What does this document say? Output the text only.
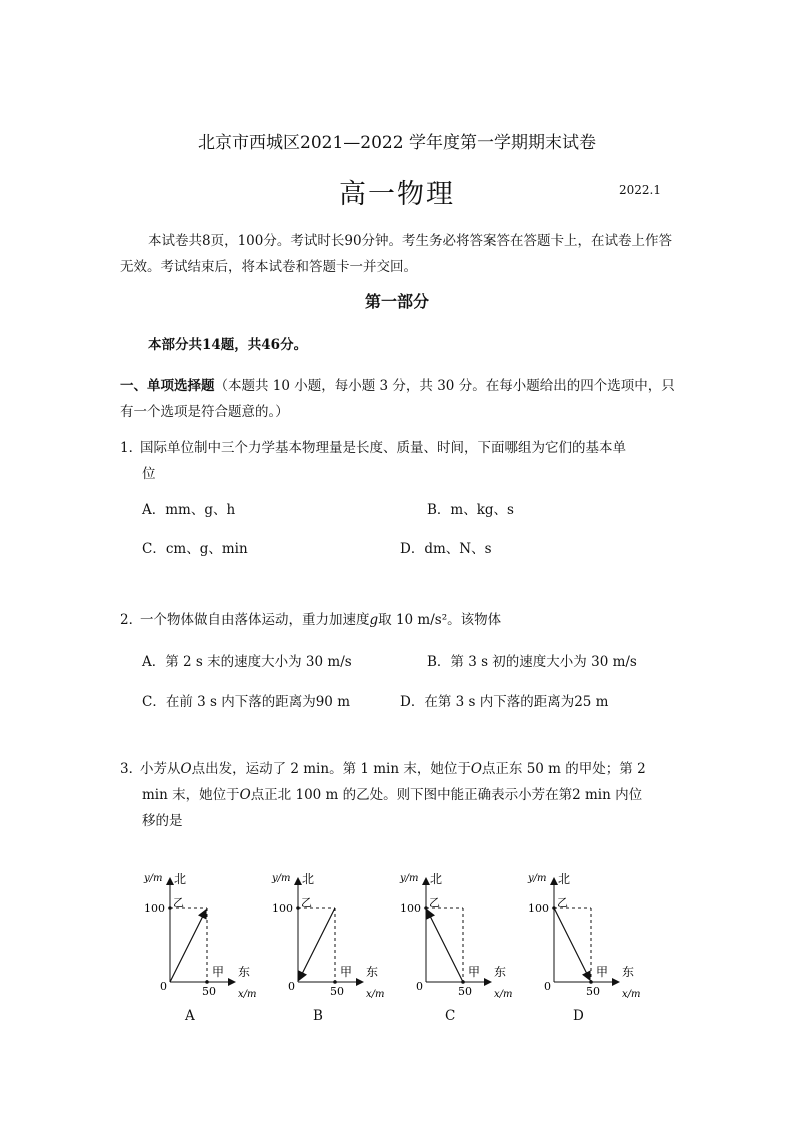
北京市西城区2021—2022 学年度第一学期期末试卷
高一物理	2022.1
本试卷共8页，100分。考试时长90分钟。考生务必将答案答在答题卡上，在试卷上作答无效。考试结束后，将本试卷和答题卡一并交回。
第一部分
本部分共14题，共46分。
一、单项选择题（本题共 10 小题，每小题 3 分，共 30 分。在每小题给出的四个选项中，只有一个选项是符合题意的。）
1．国际单位制中三个力学基本物理量是长度、质量、时间，下面哪组为它们的基本单
位
A．mm、g、h	B．m、kg、s
C．cm、g、min	D．dm、N、s
2．一个物体做自由落体运动，重力加速度g取 10 m/s²。该物体
A．第 2 s 末的速度大小为 30 m/s	B．第 3 s 初的速度大小为 30 m/s
C．在前 3 s 内下落的距离为90 m	D．在第 3 s 内下落的距离为25 m
3．小芳从O点出发，运动了 2 min。第 1 min 末，她位于O点正东 50 m 的甲处；第 2
min 末，她位于O点正北 100 m 的乙处。则下图中能正确表示小芳在第2 min 内位
移的是
y/m 北
100 乙
甲 东
0	50 x/m
A
y/m 北
100 乙
甲 东
0	50 x/m
B
y/m 北
100 乙
甲 东
0	50 x/m
C
y/m 北
100 乙
甲 东
0	50 x/m
D
